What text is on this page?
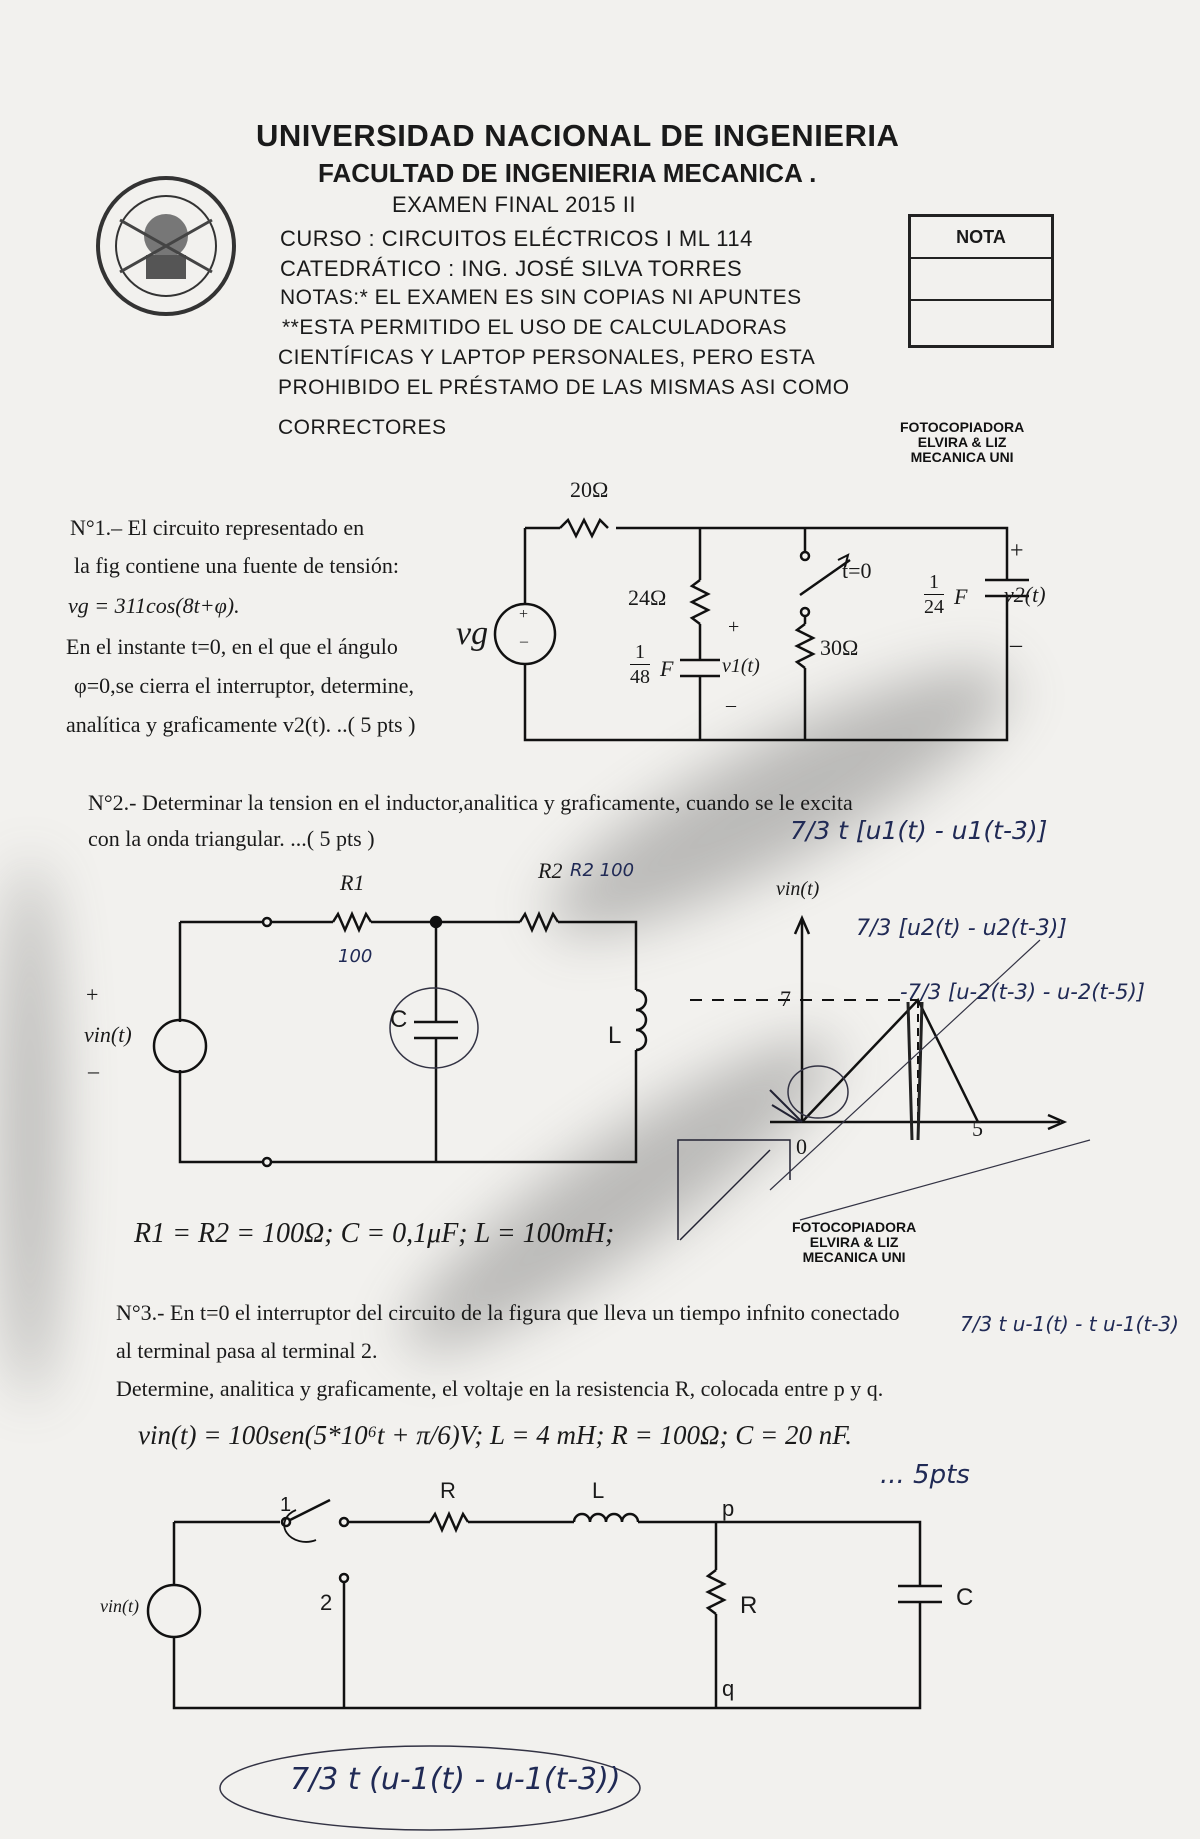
UNIVERSIDAD NACIONAL DE INGENIERIA
FACULTAD DE INGENIERIA MECANICA .
EXAMEN FINAL 2015 II
CURSO : CIRCUITOS ELÉCTRICOS I ML 114
CATEDRÁTICO : ING. JOSÉ SILVA TORRES
NOTAS:* EL EXAMEN ES SIN COPIAS NI APUNTES
**ESTA PERMITIDO EL USO DE CALCULADORAS
CIENTÍFICAS Y LAPTOP PERSONALES, PERO ESTA
PROHIBIDO EL PRÉSTAMO DE LAS MISMAS ASI COMO
CORRECTORES
NOTA
FOTOCOPIADORA
ELVIRA & LIZ
MECANICA UNI
N°1.– El circuito representado en
la fig contiene una fuente de tensión:
vg = 311cos(8t+φ).
En el instante t=0, en el que el ángulo
φ=0,se cierra el interruptor, determine,
analítica y graficamente v2(t). ..( 5 pts )
20Ω
24Ω
30Ω
$\frac{1}{48}$ F
+
v1(t)
–
t=0	$\frac{1}{24}$ F
+
v2(t)
–
vg
+
–
N°2.- Determinar la tension en el inductor,analitica y graficamente, cuando se le excita
con la onda triangular. ...( 5 pts )
R1 = R2 = 100Ω; C = 0,1μF; L = 100mH;
R1	R2
C
L
+
vin(t)
–
vin(t)
7
0
5
7/3 t [u1(t) - u1(t-3)]
7/3 [u2(t) - u2(t-3)]
-7/3 [u-2(t-3) - u-2(t-5)]
R2 100
100
7/3 t u-1(t) - t u-1(t-3)
FOTOCOPIADORA
ELVIRA & LIZ
MECANICA UNI
N°3.- En t=0 el interruptor del circuito de la figura que lleva un tiempo infnito conectado
al terminal pasa al terminal 2.
Determine, analitica y graficamente, el voltaje en la resistencia R, colocada entre p y q.
vin(t) = 100sen(5*10⁶t + π/6)V; L = 4 mH; R = 100Ω; C = 20 nF.
... 5pts
R	L
p
R	C
q
1
2
vin(t)
7/3 t (u-1(t) - u-1(t-3))
